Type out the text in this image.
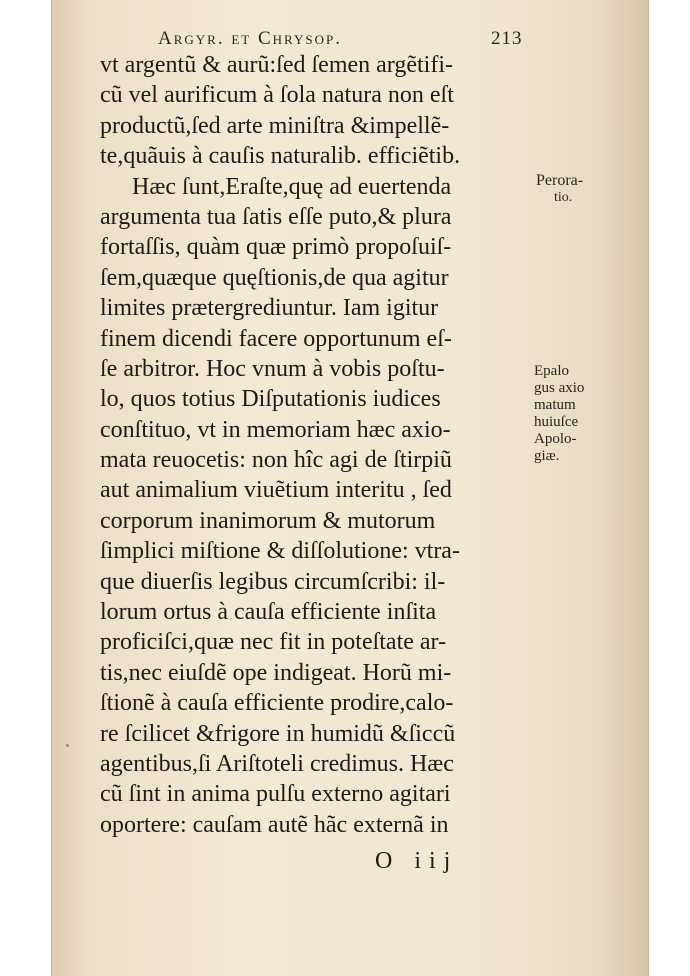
Argyr. et Chrysop.	213
vt argentũ & aurũ:ſed ſemen argẽtifi-
cũ vel aurificum à ſola natura non eſt
productũ,ſed arte miniſtra &impellẽ-
te,quãuis à cauſis naturalib. efficiẽtib.
Hæc ſunt,Eraſte,quę ad euertenda
argumenta tua ſatis eſſe puto,& plura
fortaſſis, quàm quæ primò propoſuiſ-
ſem,quæque quęſtionis,de qua agitur
limites prætergrediuntur. Iam igitur
finem dicendi facere opportunum eſ-
ſe arbitror. Hoc vnum à vobis poſtu-
lo, quos totius Diſputationis iudices
conſtituo, vt in memoriam hæc axio-
mata reuocetis: non hîc agi de ſtirpiũ
aut animalium viuẽtium interitu , ſed
corporum inanimorum & mutorum
ſimplici miſtione & diſſolutione: vtra-
que diuerſis legibus circumſcribi: il-
lorum ortus à cauſa efficiente inſita
proficiſci,quæ nec fit in poteſtate ar-
tis,nec eiuſdẽ ope indigeat. Horũ mi-
ſtionẽ à cauſa efficiente prodire,calo-
re ſcilicet &frigore in humidũ &ſiccũ
agentibus,ſi Ariſtoteli credimus. Hæc
cũ ſint in anima pulſu externo agitari
oportere: cauſam autẽ hãc externã in
Perora-
tio.
Epalo
gus axio
matum
huiuſce
Apolo-
giæ.
O iij
